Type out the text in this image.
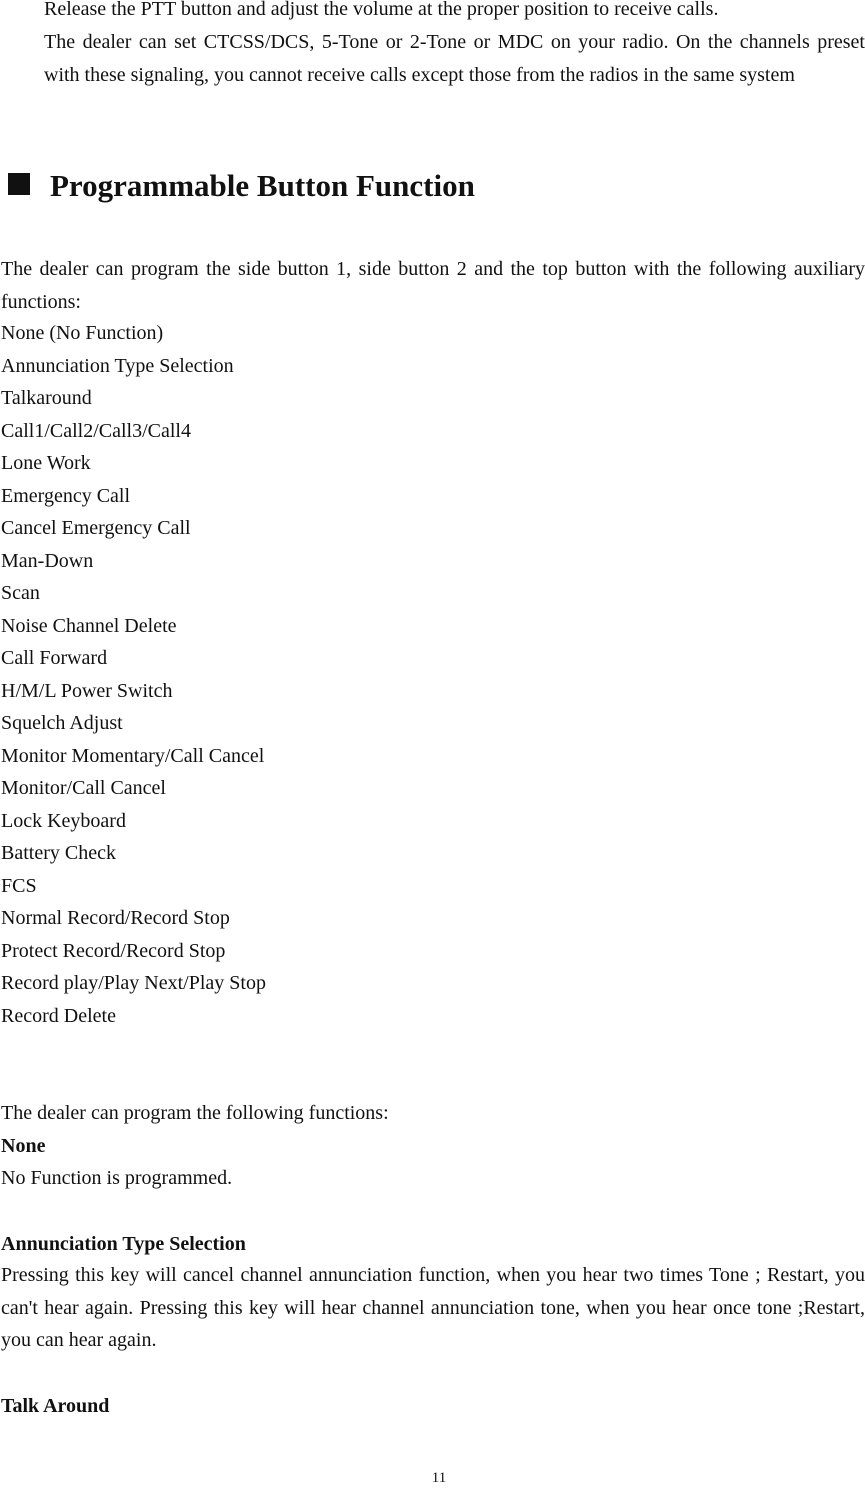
Release the PTT button and adjust the volume at the proper position to receive calls.
The dealer can set CTCSS/DCS, 5-Tone or 2-Tone or MDC on your radio. On the channels preset with these signaling, you cannot receive calls except those from the radios in the same system
Programmable Button Function
The dealer can program the side button 1, side button 2 and the top button with the following auxiliary functions:
None (No Function)
Annunciation Type Selection
Talkaround
Call1/Call2/Call3/Call4
Lone Work
Emergency Call
Cancel Emergency Call
Man-Down
Scan
Noise Channel Delete
Call Forward
H/M/L Power Switch
Squelch Adjust
Monitor Momentary/Call Cancel
Monitor/Call Cancel
Lock Keyboard
Battery Check
FCS
Normal Record/Record Stop
Protect Record/Record Stop
Record play/Play Next/Play Stop
Record Delete
The dealer can program the following functions:
None
No Function is programmed.
Annunciation Type Selection
Pressing this key will cancel channel annunciation function, when you hear two times Tone ; Restart, you can't hear again. Pressing this key will hear channel annunciation tone, when you hear once tone ;Restart, you can hear again.
Talk Around
11
